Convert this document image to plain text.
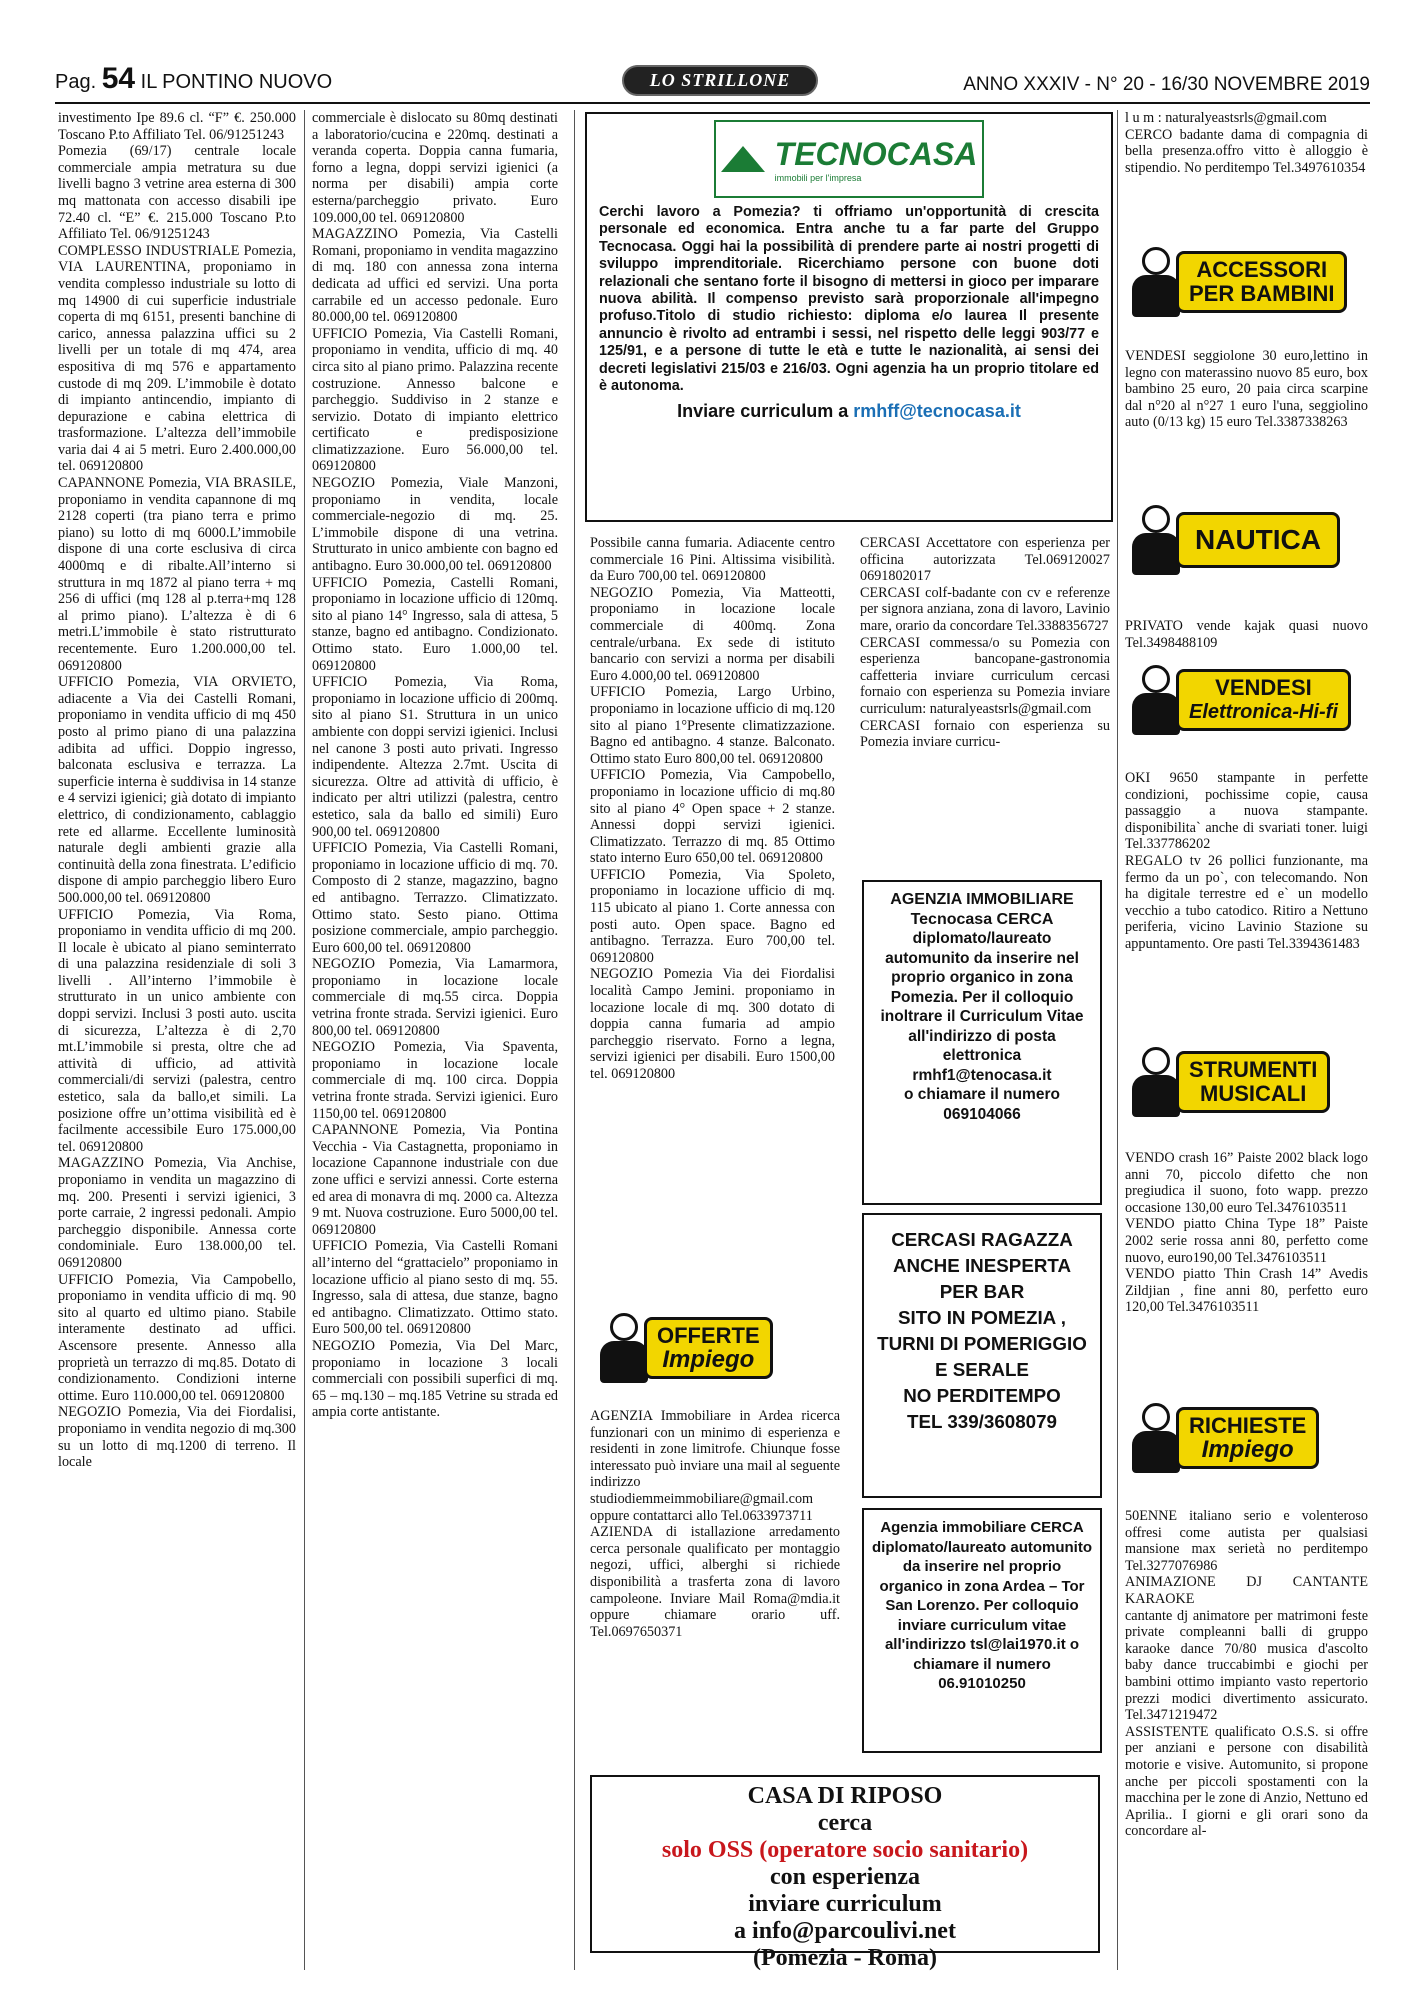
Pag. 54 IL PONTINO NUOVO	LO STRILLONE	ANNO XXXIV - N° 20 - 16/30 NOVEMBRE 2019

investimento Ipe 89.6 cl. “F” €. 250.000 Toscano P.to Affiliato Tel. 06/91251243

Pomezia (69/17) centrale locale commerciale ampia metratura su due livelli bagno 3 vetrine area esterna di 300 mq mattonata con accesso disabili ipe 72.40 cl. “E” €. 215.000 Toscano P.to Affiliato Tel. 06/91251243

COMPLESSO INDUSTRIALE Pomezia, VIA LAURENTINA, proponiamo in vendita complesso industriale su lotto di mq 14900 di cui superficie industriale coperta di mq 6151, presenti banchine di carico, annessa palazzina uffici su 2 livelli per un totale di mq 474, area espositiva di mq 576 e appartamento custode di mq 209. L’immobile è dotato di impianto antincendio, impianto di depurazione e cabina elettrica di trasformazione. L’altezza dell’immobile varia dai 4 ai 5 metri. Euro 2.400.000,00 tel. 069120800

CAPANNONE Pomezia, VIA BRASILE, proponiamo in vendita capannone di mq 2128 coperti (tra piano terra e primo piano) su lotto di mq 6000.L’immobile dispone di una corte esclusiva di circa 4000mq e di ribalte.All’interno si struttura in mq 1872 al piano terra + mq 256 di uffici (mq 128 al p.terra+mq 128 al primo piano). L’altezza è di 6 metri.L’immobile è stato ristrutturato recentemente. Euro 1.200.000,00 tel. 069120800

UFFICIO Pomezia, VIA ORVIETO, adiacente a Via dei Castelli Romani, proponiamo in vendita ufficio di mq 450 posto al primo piano di una palazzina adibita ad uffici. Doppio ingresso, balconata esclusiva e terrazza. La superficie interna è suddivisa in 14 stanze e 4 servizi igienici; già dotato di impianto elettrico, di condizionamento, cablaggio rete ed allarme. Eccellente luminosità naturale degli ambienti grazie alla continuità della zona finestrata. L’edificio dispone di ampio parcheggio libero Euro 500.000,00 tel. 069120800

UFFICIO Pomezia, Via Roma, proponiamo in vendita ufficio di mq 200. Il locale è ubicato al piano seminterrato di una palazzina residenziale di soli 3 livelli . All’interno l’immobile è strutturato in un unico ambiente con doppi servizi. Inclusi 3 posti auto. uscita di sicurezza, L’altezza è di 2,70 mt.L’immobile si presta, oltre che ad attività di ufficio, ad attività commerciali/di servizi (palestra, centro estetico, sala da ballo,et simili. La posizione offre un’ottima visibilità ed è facilmente accessibile Euro 175.000,00 tel. 069120800

MAGAZZINO Pomezia, Via Anchise, proponiamo in vendita un magazzino di mq. 200. Presenti i servizi igienici, 3 porte carraie, 2 ingressi pedonali. Ampio parcheggio disponibile. Annessa corte condominiale. Euro 138.000,00 tel. 069120800

UFFICIO Pomezia, Via Campobello, proponiamo in vendita ufficio di mq. 90 sito al quarto ed ultimo piano. Stabile interamente destinato ad uffici. Ascensore presente. Annesso alla proprietà un terrazzo di mq.85. Dotato di condizionamento. Condizioni interne ottime. Euro 110.000,00 tel. 069120800

NEGOZIO Pomezia, Via dei Fiordalisi, proponiamo in vendita negozio di mq.300 su un lotto di mq.1200 di terreno. Il locale

commerciale è dislocato su 80mq destinati a laboratorio/cucina e 220mq. destinati a veranda coperta. Doppia canna fumaria, forno a legna, doppi servizi igienici (a norma per disabili) ampia corte esterna/parcheggio privato. Euro 109.000,00 tel. 069120800

MAGAZZINO Pomezia, Via Castelli Romani, proponiamo in vendita magazzino di mq. 180 con annessa zona interna dedicata ad uffici ed servizi. Una porta carrabile ed un accesso pedonale. Euro 80.000,00 tel. 069120800

UFFICIO Pomezia, Via Castelli Romani, proponiamo in vendita, ufficio di mq. 40 circa sito al piano primo. Palazzina recente costruzione. Annesso balcone e parcheggio. Suddiviso in 2 stanze e servizio. Dotato di impianto elettrico certificato e predisposizione climatizzazione. Euro 56.000,00 tel. 069120800

NEGOZIO Pomezia, Viale Manzoni, proponiamo in vendita, locale commerciale-negozio di mq. 25. L’immobile dispone di una vetrina. Strutturato in unico ambiente con bagno ed antibagno. Euro 30.000,00 tel. 069120800

UFFICIO Pomezia, Castelli Romani, proponiamo in locazione ufficio di 120mq. sito al piano 14° Ingresso, sala di attesa, 5 stanze, bagno ed antibagno. Condizionato. Ottimo stato. Euro 1.000,00 tel. 069120800

UFFICIO Pomezia, Via Roma, proponiamo in locazione ufficio di 200mq. sito al piano S1. Struttura in un unico ambiente con doppi servizi igienici. Inclusi nel canone 3 posti auto privati. Ingresso indipendente. Altezza 2.7mt. Uscita di sicurezza. Oltre ad attività di ufficio, è indicato per altri utilizzi (palestra, centro estetico, sala da ballo ed simili) Euro 900,00 tel. 069120800

UFFICIO Pomezia, Via Castelli Romani, proponiamo in locazione ufficio di mq. 70. Composto di 2 stanze, magazzino, bagno ed antibagno. Terrazzo. Climatizzato. Ottimo stato. Sesto piano. Ottima posizione commerciale, ampio parcheggio. Euro 600,00 tel. 069120800

NEGOZIO Pomezia, Via Lamarmora, proponiamo in locazione locale commerciale di mq.55 circa. Doppia vetrina fronte strada. Servizi igienici. Euro 800,00 tel. 069120800

NEGOZIO Pomezia, Via Spaventa, proponiamo in locazione locale commerciale di mq. 100 circa. Doppia vetrina fronte strada. Servizi igienici. Euro 1150,00 tel. 069120800

CAPANNONE Pomezia, Via Pontina Vecchia - Via Castagnetta, proponiamo in locazione Capannone industriale con due zone uffici e servizi annessi. Corte esterna ed area di monavra di mq. 2000 ca. Altezza 9 mt. Nuova costruzione. Euro 5000,00 tel. 069120800

UFFICIO Pomezia, Via Castelli Romani all’interno del “grattacielo” proponiamo in locazione ufficio al piano sesto di mq. 55. Ingresso, sala di attesa, due stanze, bagno ed antibagno. Climatizzato. Ottimo stato. Euro 500,00 tel. 069120800

NEGOZIO Pomezia, Via Del Marc, proponiamo in locazione 3 locali commerciali con possibili superfici di mq. 65 – mq.130 – mq.185 Vetrine su strada ed ampia corte antistante.

TECNOCASA
immobili per l'impresa

Cerchi lavoro a Pomezia? ti offriamo un'opportunità di crescita personale ed economica. Entra anche tu a far parte del Gruppo Tecnocasa. Oggi hai la possibilità di prendere parte ai nostri progetti di sviluppo imprenditoriale. Ricerchiamo persone con buone doti relazionali che sentano forte il bisogno di mettersi in gioco per imparare nuova abilità. Il compenso previsto sarà proporzionale all'impegno profuso.Titolo di studio richiesto: diploma e/o laurea Il presente annuncio è rivolto ad entrambi i sessi, nel rispetto delle leggi 903/77 e 125/91, e a persone di tutte le età e tutte le nazionalità, ai sensi dei decreti legislativi 215/03 e 216/03. Ogni agenzia ha un proprio titolare ed è autonoma.

Inviare curriculum a rmhff@tecnocasa.it

Possibile canna fumaria. Adiacente centro commerciale 16 Pini. Altissima visibilità. da Euro 700,00 tel. 069120800

NEGOZIO Pomezia, Via Matteotti, proponiamo in locazione locale commerciale di 400mq. Zona centrale/urbana. Ex sede di istituto bancario con servizi a norma per disabili Euro 4.000,00 tel. 069120800

UFFICIO Pomezia, Largo Urbino, proponiamo in locazione ufficio di mq.120 sito al piano 1°Presente climatizzazione. Bagno ed antibagno. 4 stanze. Balconato. Ottimo stato Euro 800,00 tel. 069120800

UFFICIO Pomezia, Via Campobello, proponiamo in locazione ufficio di mq.80 sito al piano 4° Open space + 2 stanze. Annessi doppi servizi igienici. Climatizzato. Terrazzo di mq. 85 Ottimo stato interno Euro 650,00 tel. 069120800

UFFICIO Pomezia, Via Spoleto, proponiamo in locazione ufficio di mq. 115 ubicato al piano 1. Corte annessa con posti auto. Open space. Bagno ed antibagno. Terrazza. Euro 700,00 tel. 069120800

NEGOZIO Pomezia Via dei Fiordalisi località Campo Jemini. proponiamo in locazione locale di mq. 300 dotato di doppia canna fumaria ad ampio parcheggio riservato. Forno a legna, servizi igienici per disabili. Euro 1500,00 tel. 069120800

CERCASI Accettatore con esperienza per officina autorizzata Tel.069120027 0691802017

CERCASI colf-badante con cv e referenze per signora anziana, zona di lavoro, Lavinio mare, orario da concordare Tel.3388356727

CERCASI commessa/o su Pomezia con esperienza bancopane-gastronomia caffetteria inviare curriculum cercasi fornaio con esperienza su Pomezia inviare curriculum: naturalyeastsrls@gmail.com

CERCASI fornaio con esperienza su Pomezia inviare curricu-

AGENZIA IMMOBILIARE Tecnocasa CERCA
diplomato/laureato automunito da inserire nel proprio organico in zona Pomezia. Per il colloquio inoltrare il Curriculum Vitae all'indirizzo di posta elettronica
rmhf1@tenocasa.it
o chiamare il numero
069104066
CERCASI RAGAZZA
ANCHE INESPERTA
PER BAR
SITO IN POMEZIA ,
TURNI DI POMERIGGIO
E SERALE
NO PERDITEMPO
TEL 339/3608079
Agenzia immobiliare CERCA
diplomato/laureato automunito da inserire nel proprio organico in zona Ardea – Tor San Lorenzo. Per colloquio inviare curriculum vitae all'indirizzo tsl@lai1970.it o chiamare il numero
06.91010250
CASA DI RIPOSO
cerca
solo OSS (operatore socio sanitario)
con esperienza
inviare curriculum
a info@parcoulivi.net
(Pomezia - Roma)
OFFERTE
Impiego

AGENZIA Immobiliare in Ardea ricerca funzionari con un minimo di esperienza e residenti in zone limitrofe. Chiunque fosse interessato può inviare una mail al seguente indirizzo studiodiemmeimmobiliare@gmail.com oppure contattarci allo Tel.0633973711

AZIENDA di istallazione arredamento cerca personale qualificato per montaggio negozi, uffici, alberghi si richiede disponibilità a trasferta zona di lavoro campoleone. Inviare Mail Roma@mdia.it oppure chiamare orario uff. Tel.0697650371

l u m : naturalyeastsrls@gmail.com

CERCO badante dama di compagnia di bella presenza.offro vitto è alloggio è stipendio. No perditempo Tel.3497610354

ACCESSORI
PER BAMBINI

VENDESI seggiolone 30 euro,lettino in legno con materassino nuovo 85 euro, box bambino 25 euro, 20 paia circa scarpine dal n°20 al n°27 1 euro l'una, seggiolino auto (0/13 kg) 15 euro Tel.3387338263

NAUTICA

PRIVATO vende kajak quasi nuovo Tel.3498488109

VENDESI
Elettronica-Hi-fi

OKI 9650 stampante in perfette condizioni, pochissime copie, causa passaggio a nuova stampante. disponibilita` anche di svariati toner. luigi Tel.337786202

REGALO tv 26 pollici funzionante, ma fermo da un po`, con telecomando. Non ha digitale terrestre ed e` un modello vecchio a tubo catodico. Ritiro a Nettuno periferia, vicino Lavinio Stazione su appuntamento. Ore pasti Tel.3394361483

STRUMENTI
MUSICALI

VENDO crash 16” Paiste 2002 black logo anni 70, piccolo difetto che non pregiudica il suono, foto wapp. prezzo occasione 130,00 euro Tel.3476103511

VENDO piatto China Type 18” Paiste 2002 serie rossa anni 80, perfetto come nuovo, euro190,00 Tel.3476103511

VENDO piatto Thin Crash 14” Avedis Zildjian , fine anni 80, perfetto euro 120,00 Tel.3476103511

RICHIESTE
Impiego

50ENNE italiano serio e volenteroso offresi come autista per qualsiasi mansione max serietà no perditempo Tel.3277076986

ANIMAZIONE DJ CANTANTE KARAOKE

cantante dj animatore per matrimoni feste private compleanni balli di gruppo karaoke dance 70/80 musica d'ascolto baby dance truccabimbi e giochi per bambini ottimo impianto vasto repertorio prezzi modici divertimento assicurato. Tel.3471219472

ASSISTENTE qualificato O.S.S. si offre per anziani e persone con disabilità motorie e visive. Automunito, si propone anche per piccoli spostamenti con la macchina per le zone di Anzio, Nettuno ed Aprilia.. I giorni e gli orari sono da concordare al-
